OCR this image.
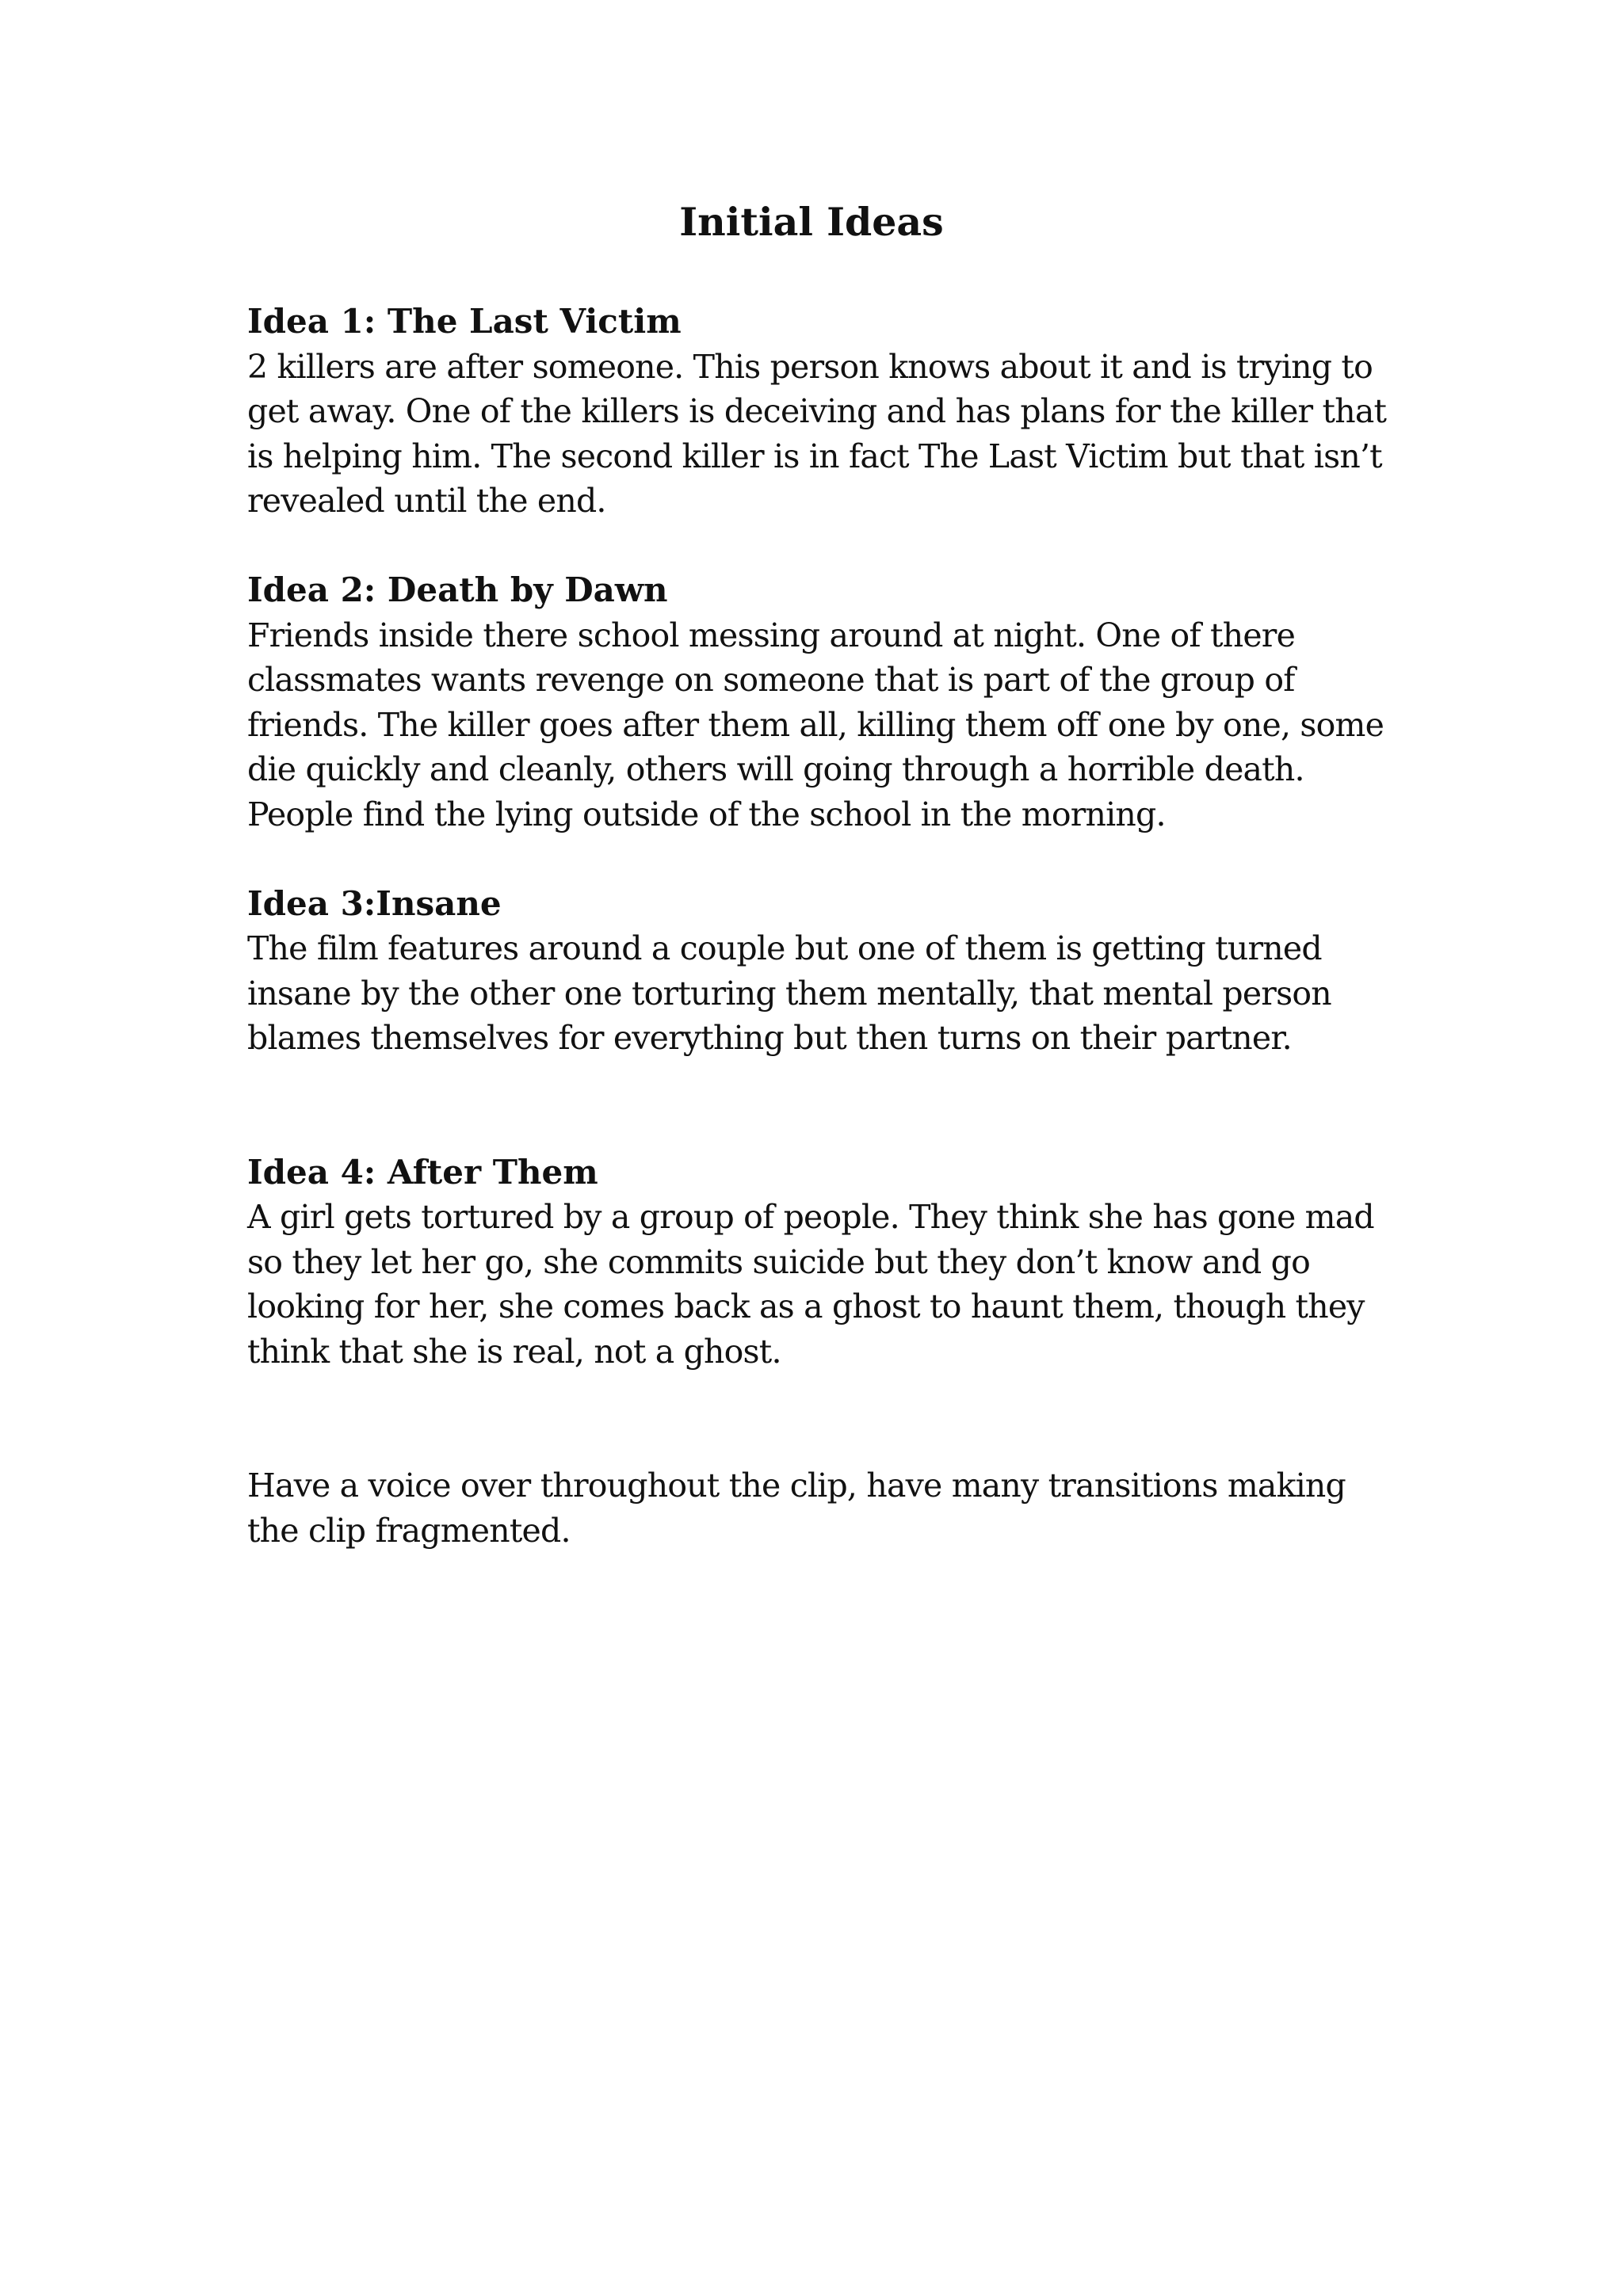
Initial Ideas
Idea 1: The Last Victim

2 killers are after someone. This person knows about it and is trying to get away. One of the killers is deceiving and has plans for the killer that is helping him. The second killer is in fact The Last Victim but that isn’t revealed until the end.

Idea 2: Death by Dawn

Friends inside there school messing around at night. One of there classmates wants revenge on someone that is part of the group of friends. The killer goes after them all, killing them off one by one, some die quickly and cleanly, others will going through a horrible death. People find the lying outside of the school in the morning.

Idea 3:Insane

The film features around a couple but one of them is getting turned insane by the other one torturing them mentally, that mental person blames themselves for everything but then turns on their partner.

Idea 4: After Them

A girl gets tortured by a group of people. They think she has gone mad so they let her go, she commits suicide but they don’t know and go looking for her, she comes back as a ghost to haunt them, though they think that she is real, not a ghost.

Have a voice over throughout the clip, have many transitions making the clip fragmented.
